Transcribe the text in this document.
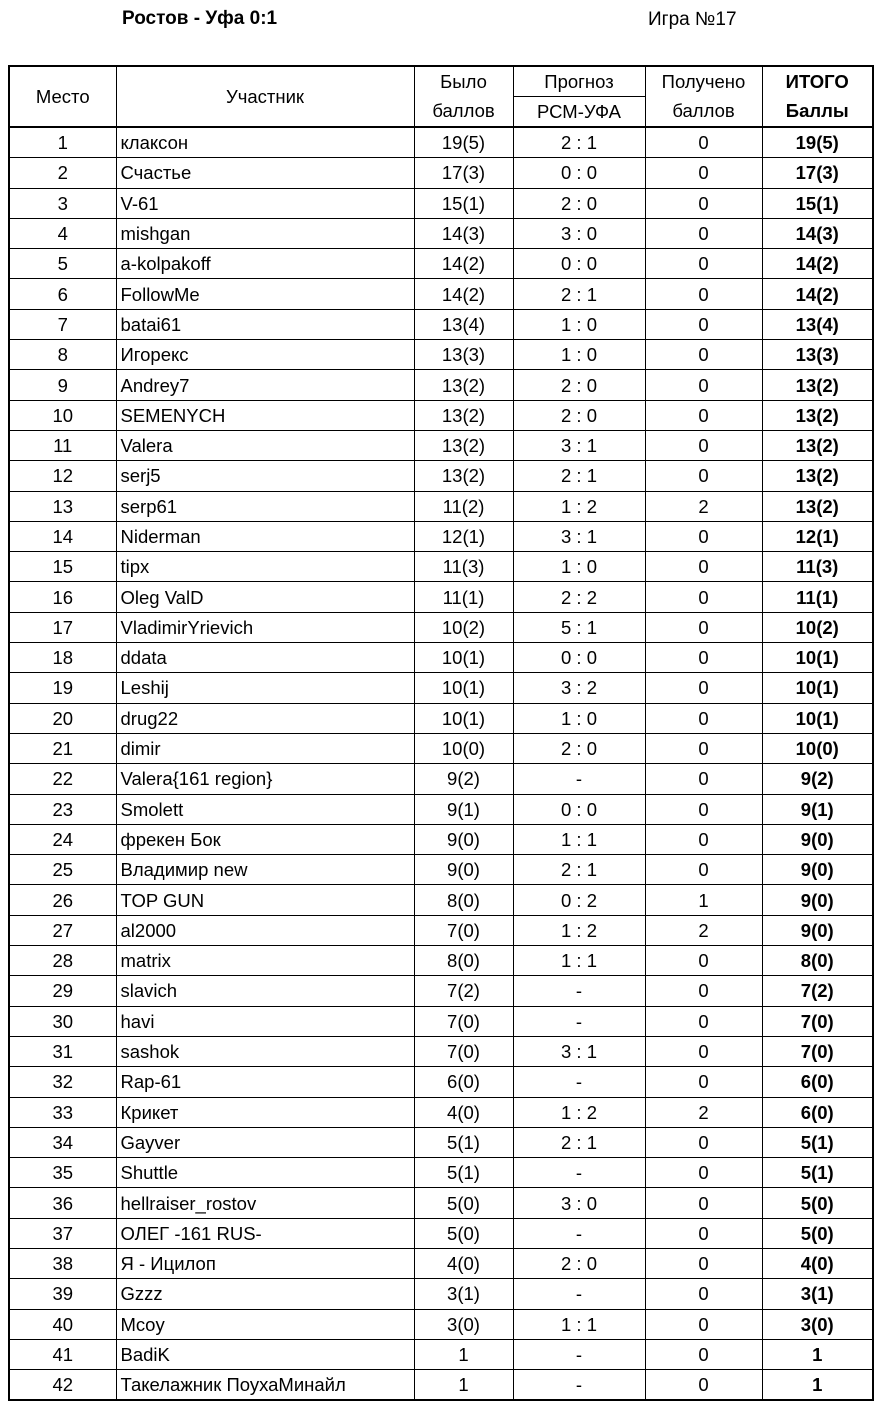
Ростов - Уфа 0:1	Игра №17
Место	Участник	Было	Прогноз	Получено	ИТОГО
		баллов	РСМ-УФА	баллов	Баллы
1	клаксон	19(5)	2 : 1	0	19(5)
2	Счастье	17(3)	0 : 0	0	17(3)
3	V-61	15(1)	2 : 0	0	15(1)
4	mishgan	14(3)	3 : 0	0	14(3)
5	a-kolpakoff	14(2)	0 : 0	0	14(2)
6	FollowMe	14(2)	2 : 1	0	14(2)
7	batai61	13(4)	1 : 0	0	13(4)
8	Игорекс	13(3)	1 : 0	0	13(3)
9	Andrey7	13(2)	2 : 0	0	13(2)
10	SEMENYCH	13(2)	2 : 0	0	13(2)
11	Valera	13(2)	3 : 1	0	13(2)
12	serj5	13(2)	2 : 1	0	13(2)
13	serp61	11(2)	1 : 2	2	13(2)
14	Niderman	12(1)	3 : 1	0	12(1)
15	tipx	11(3)	1 : 0	0	11(3)
16	Oleg ValD	11(1)	2 : 2	0	11(1)
17	VladimirYrievich	10(2)	5 : 1	0	10(2)
18	ddata	10(1)	0 : 0	0	10(1)
19	Leshij	10(1)	3 : 2	0	10(1)
20	drug22	10(1)	1 : 0	0	10(1)
21	dimir	10(0)	2 : 0	0	10(0)
22	Valera{161 region}	9(2)	-	0	9(2)
23	Smolett	9(1)	0 : 0	0	9(1)
24	фрекен Бок	9(0)	1 : 1	0	9(0)
25	Владимир new	9(0)	2 : 1	0	9(0)
26	TOP GUN	8(0)	0 : 2	1	9(0)
27	al2000	7(0)	1 : 2	2	9(0)
28	matrix	8(0)	1 : 1	0	8(0)
29	slavich	7(2)	-	0	7(2)
30	havi	7(0)	-	0	7(0)
31	sashok	7(0)	3 : 1	0	7(0)
32	Rap-61	6(0)	-	0	6(0)
33	Крикет	4(0)	1 : 2	2	6(0)
34	Gayver	5(1)	2 : 1	0	5(1)
35	Shuttle	5(1)	-	0	5(1)
36	hellraiser_rostov	5(0)	3 : 0	0	5(0)
37	ОЛЕГ -161 RUS-	5(0)	-	0	5(0)
38	Я - Ицилоп	4(0)	2 : 0	0	4(0)
39	Gzzz	3(1)	-	0	3(1)
40	Mcoy	3(0)	1 : 1	0	3(0)
41	BadiK	1	-	0	1
42	Такелажник ПоухаМинайл	1	-	0	1
